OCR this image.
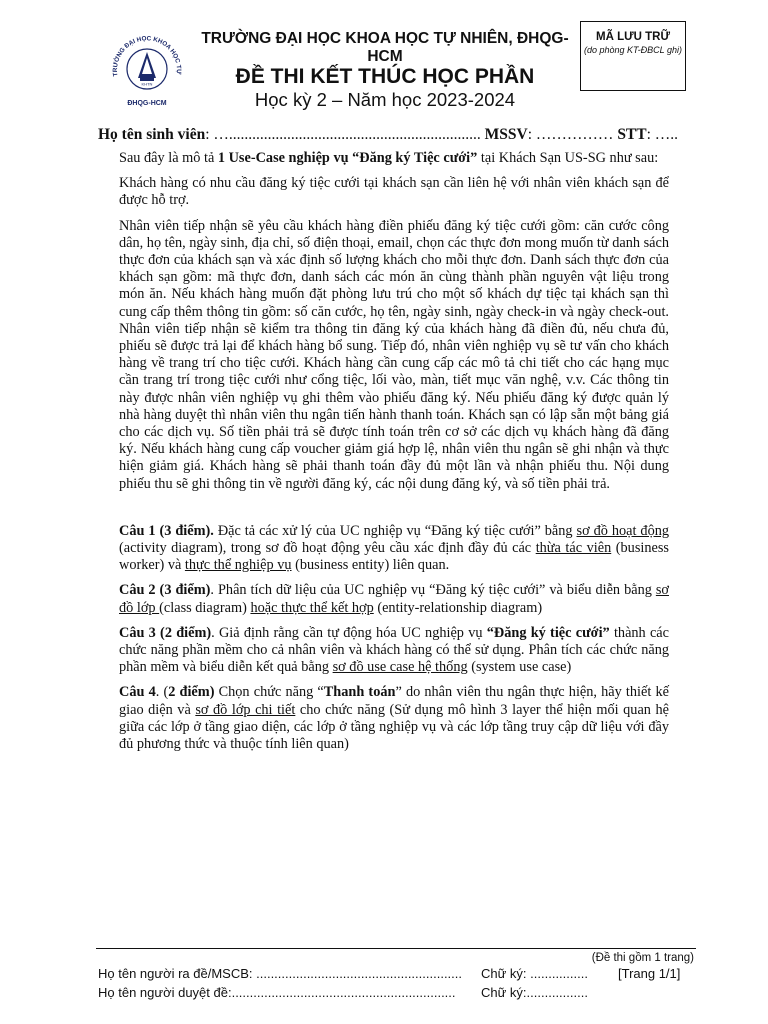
TRƯỜNG ĐẠI HỌC KHOA HỌC TỰ
KHTN
ĐHQG-HCM
TRƯỜNG ĐẠI HỌC KHOA HỌC TỰ NHIÊN, ĐHQG-HCM
ĐỀ THI KẾT THÚC HỌC PHẦN
Học kỳ 2 – Năm học 2023-2024
MÃ LƯU TRỮ
(do phòng KT-ĐBCL ghi)
Họ tên sinh viên: …................................................................. MSSV: …………… STT: …..

Sau đây là mô tả 1 Use-Case nghiệp vụ “Đăng ký Tiệc cưới” tại Khách Sạn US-SG như sau:

Khách hàng có nhu cầu đăng ký tiệc cưới tại khách sạn cần liên hệ với nhân viên khách sạn để được hỗ trợ.

Nhân viên tiếp nhận sẽ yêu cầu khách hàng điền phiếu đăng ký tiệc cưới gồm: căn cước công dân, họ tên, ngày sinh, địa chỉ, số điện thoại, email, chọn các thực đơn mong muốn từ danh sách thực đơn của khách sạn và xác định số lượng khách cho mỗi thực đơn. Danh sách thực đơn của khách sạn gồm: mã thực đơn, danh sách các món ăn cùng thành phần nguyên vật liệu trong món ăn. Nếu khách hàng muốn đặt phòng lưu trú cho một số khách dự tiệc tại khách sạn thì cung cấp thêm thông tin gồm: số căn cước, họ tên, ngày sinh, ngày check-in và ngày check-out. Nhân viên tiếp nhận sẽ kiểm tra thông tin đăng ký của khách hàng đã điền đủ, nếu chưa đủ, phiếu sẽ được trả lại để khách hàng bổ sung. Tiếp đó, nhân viên nghiệp vụ sẽ tư vấn cho khách hàng về trang trí cho tiệc cưới. Khách hàng cần cung cấp các mô tả chi tiết cho các hạng mục cần trang trí trong tiệc cưới như cổng tiệc, lối vào, màn, tiết mục văn nghệ, v.v. Các thông tin này được nhân viên nghiệp vụ ghi thêm vào phiếu đăng ký. Nếu phiếu đăng ký được quản lý nhà hàng duyệt thì nhân viên thu ngân tiến hành thanh toán. Khách sạn có lập sẵn một bảng giá cho các dịch vụ. Số tiền phải trả sẽ được tính toán trên cơ sở các dịch vụ khách hàng đã đăng ký. Nếu khách hàng cung cấp voucher giảm giá hợp lệ, nhân viên thu ngân sẽ ghi nhận và thực hiện giảm giá. Khách hàng sẽ phải thanh toán đầy đủ một lần và nhận phiếu thu. Nội dung phiếu thu sẽ ghi thông tin về người đăng ký, các nội dung đăng ký, và số tiền phải trả.

Câu 1 (3 điểm). Đặc tả các xử lý của UC nghiệp vụ “Đăng ký tiệc cưới” bằng sơ đồ hoạt động (activity diagram), trong sơ đồ hoạt động yêu cầu xác định đầy đủ các thừa tác viên (business worker) và thực thể nghiệp vụ (business entity) liên quan.

Câu 2 (3 điểm). Phân tích dữ liệu của UC nghiệp vụ “Đăng ký tiệc cưới” và biểu diễn bằng sơ đồ lớp (class diagram) hoặc thực thể kết hợp (entity-relationship diagram)

Câu 3 (2 điểm). Giả định rằng cần tự động hóa UC nghiệp vụ “Đăng ký tiệc cưới” thành các chức năng phần mềm cho cả nhân viên và khách hàng có thể sử dụng. Phân tích các chức năng phần mềm và biểu diễn kết quả bằng sơ đồ use case hệ thống (system use case)

Câu 4. (2 điểm) Chọn chức năng “Thanh toán” do nhân viên thu ngân thực hiện, hãy thiết kế giao diện và sơ đồ lớp chi tiết cho chức năng (Sử dụng mô hình 3 layer thể hiện mối quan hệ giữa các lớp ở tầng giao diện, các lớp ở tầng nghiệp vụ và các lớp tầng truy cập dữ liệu với đầy đủ phương thức và thuộc tính liên quan)

(Đề thi gồm 1 trang)
Họ tên người ra đề/MSCB: ......................................................... Chữ ký: ................ [Trang 1/1]
Họ tên người duyệt đề:.............................................................. Chữ ký:.................
